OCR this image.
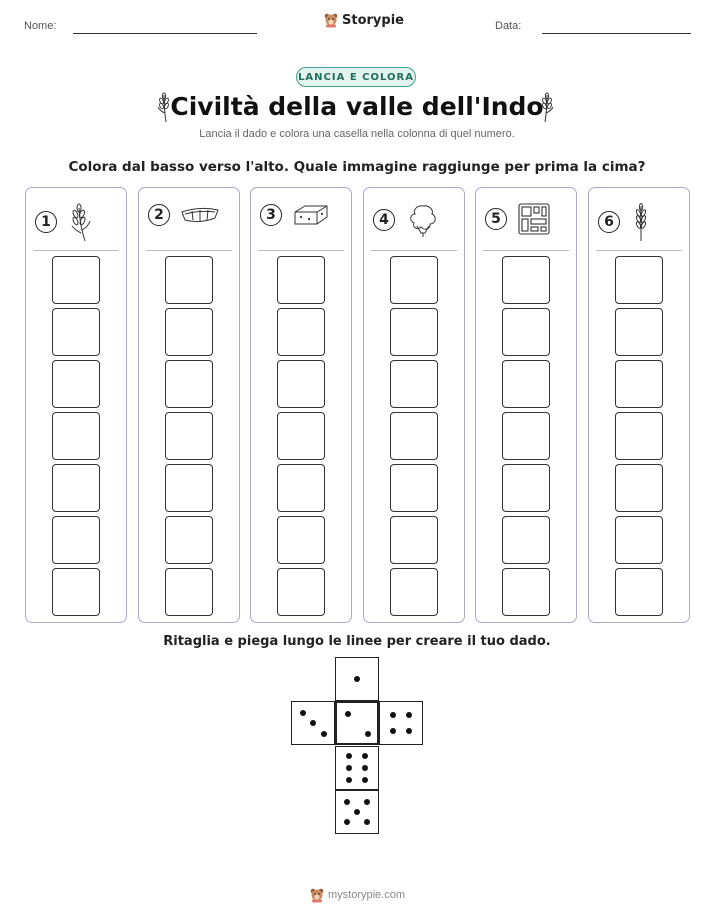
Nome:	Storypie	Data:
LANCIA E COLORA
Civiltà della valle dell'Indo
Lancia il dado e colora una casella nella colonna di quel numero.
Colora dal basso verso l'alto. Quale immagine raggiunge per prima la cima?
1	2	3	4	5	6
Ritaglia e piega lungo le linee per creare il tuo dado.
mystorypie.com
